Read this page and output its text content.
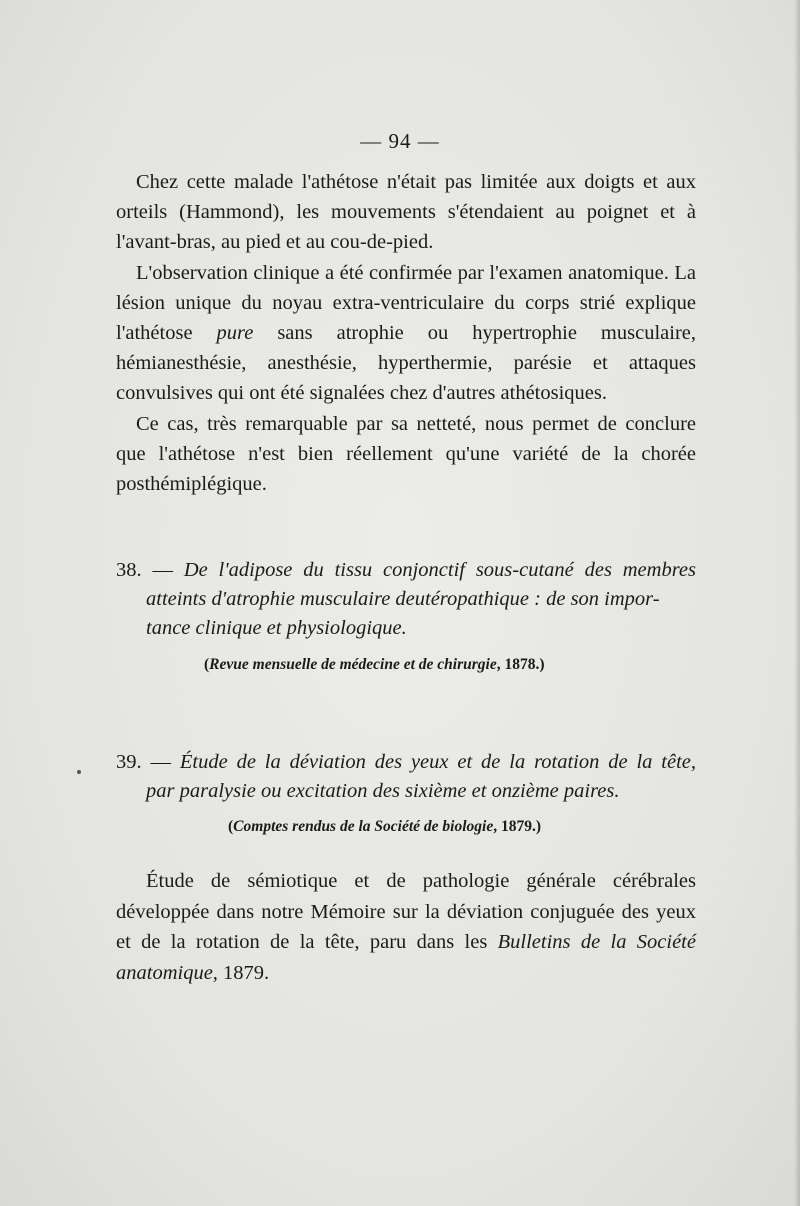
— 94 —

Chez cette malade l'athétose n'était pas limitée aux doigts et aux orteils (Hammond), les mouvements s'étendaient au poignet et à l'avant-bras, au pied et au cou-de-pied.

L'observation clinique a été confirmée par l'examen anatomique. La lésion unique du noyau extra-ventriculaire du corps strié explique l'athétose pure sans atrophie ou hypertrophie musculaire, hémianesthésie, anesthésie, hyperthermie, parésie et attaques convulsives qui ont été signalées chez d'autres athétosiques.

Ce cas, très remarquable par sa netteté, nous permet de conclure que l'athétose n'est bien réellement qu'une variété de la chorée posthémiplégique.

38. — De l'adipose du tissu conjonctif sous-cutané des membres
atteints d'atrophie musculaire deutéropathique : de son impor-
tance clinique et physiologique.
(Revue mensuelle de médecine et de chirurgie, 1878.)
39. — Étude de la déviation des yeux et de la rotation de la tête,
par paralysie ou excitation des sixième et onzième paires.
(Comptes rendus de la Société de biologie, 1879.)

Étude de sémiotique et de pathologie générale cérébrales développée dans notre Mémoire sur la déviation conjuguée des yeux et de la rotation de la tête, paru dans les Bulletins de la Société anatomique, 1879.
